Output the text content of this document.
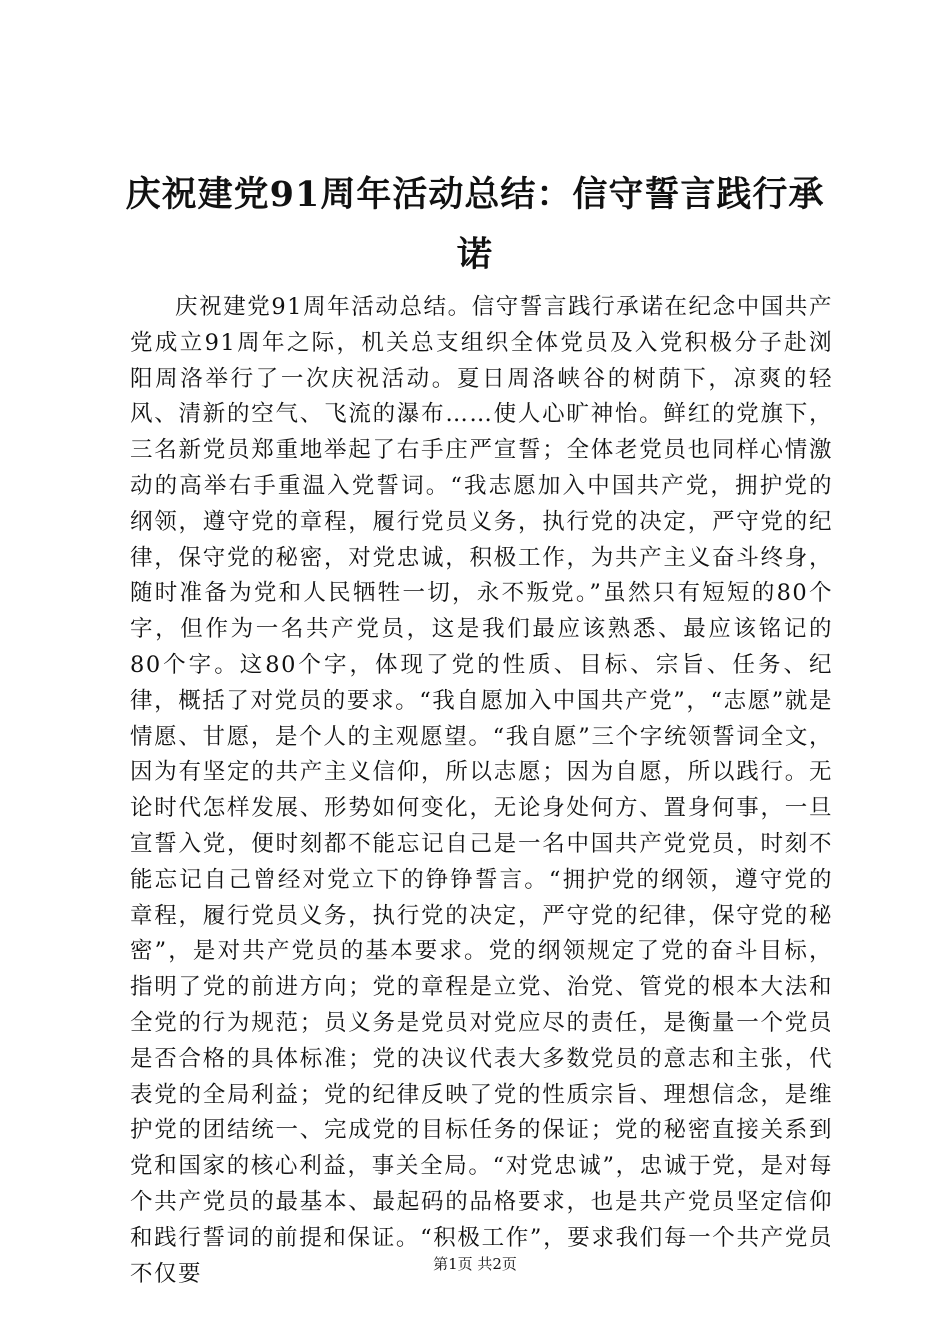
庆祝建党91周年活动总结：信守誓言践行承诺

庆祝建党91周年活动总结。信守誓言践行承诺在纪念中国共产党成立91周年之际，机关总支组织全体党员及入党积极分子赴浏阳周洛举行了一次庆祝活动。夏日周洛峡谷的树荫下，凉爽的轻风、清新的空气、飞流的瀑布……使人心旷神怡。鲜红的党旗下，三名新党员郑重地举起了右手庄严宣誓；全体老党员也同样心情激动的高举右手重温入党誓词。“我志愿加入中国共产党，拥护党的纲领，遵守党的章程，履行党员义务，执行党的决定，严守党的纪律，保守党的秘密，对党忠诚，积极工作，为共产主义奋斗终身，随时准备为党和人民牺牲一切，永不叛党。”虽然只有短短的80个字，但作为一名共产党员，这是我们最应该熟悉、最应该铭记的80个字。这80个字，体现了党的性质、目标、宗旨、任务、纪律，概括了对党员的要求。“我自愿加入中国共产党”，“志愿”就是情愿、甘愿，是个人的主观愿望。“我自愿”三个字统领誓词全文，因为有坚定的共产主义信仰，所以志愿；因为自愿，所以践行。无论时代怎样发展、形势如何变化，无论身处何方、置身何事，一旦宣誓入党，便时刻都不能忘记自己是一名中国共产党党员，时刻不能忘记自己曾经对党立下的铮铮誓言。“拥护党的纲领，遵守党的章程，履行党员义务，执行党的决定，严守党的纪律，保守党的秘密”，是对共产党员的基本要求。党的纲领规定了党的奋斗目标，指明了党的前进方向；党的章程是立党、治党、管党的根本大法和全党的行为规范；员义务是党员对党应尽的责任，是衡量一个党员是否合格的具体标准；党的决议代表大多数党员的意志和主张，代表党的全局利益；党的纪律反映了党的性质宗旨、理想信念，是维护党的团结统一、完成党的目标任务的保证；党的秘密直接关系到党和国家的核心利益，事关全局。“对党忠诚”，忠诚于党，是对每个共产党员的最基本、最起码的品格要求，也是共产党员坚定信仰和践行誓词的前提和保证。“积极工作”，要求我们每一个共产党员不仅要	第1页 共2页
